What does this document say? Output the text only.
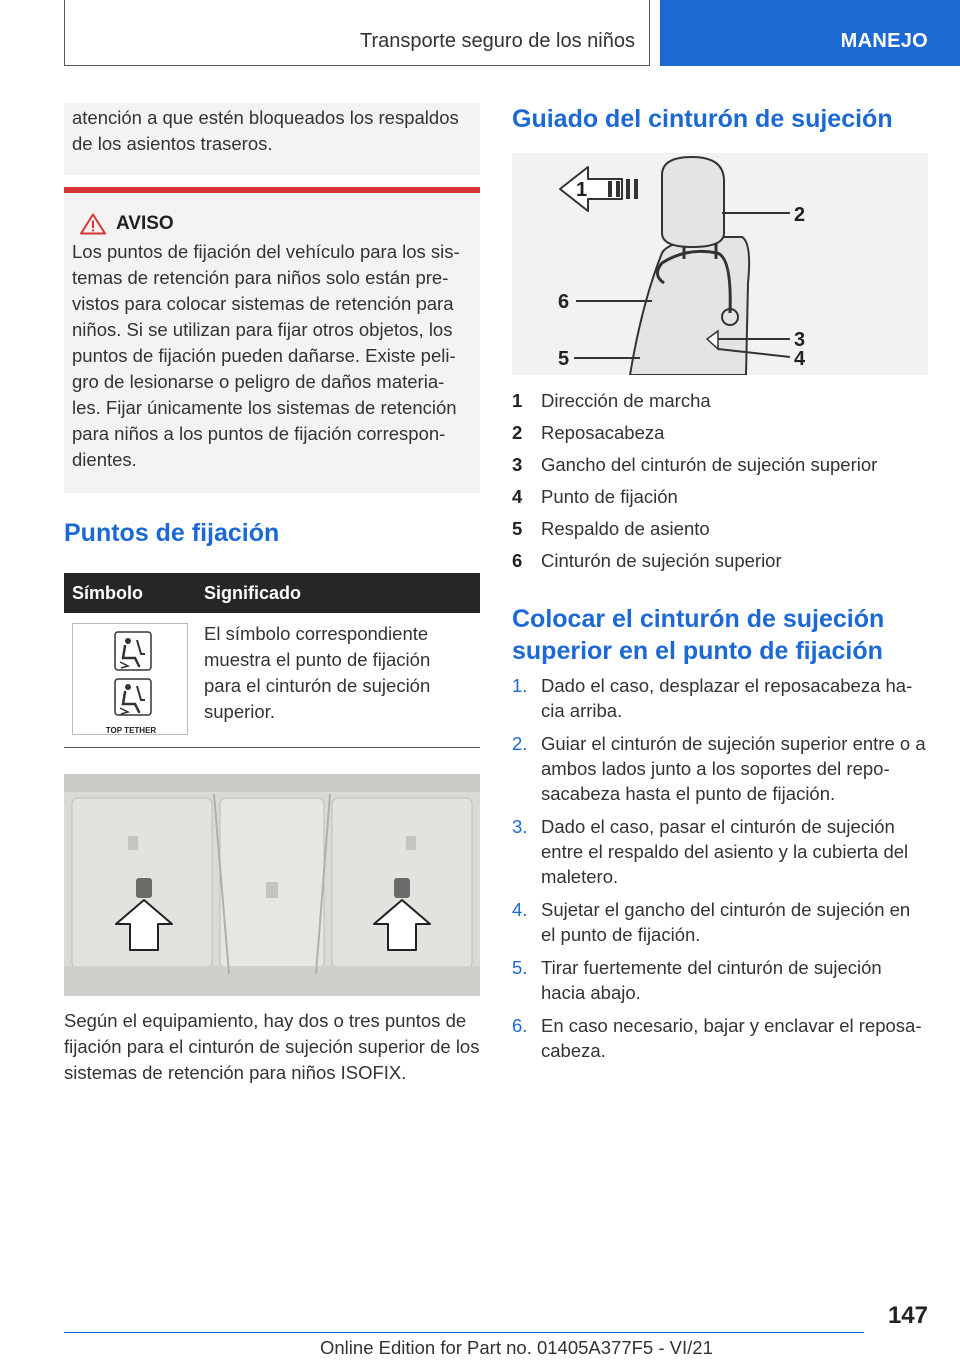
Transporte seguro de los niños	MANEJO

atención a que estén bloqueados los respaldos de los asientos traseros.

AVISO

Los puntos de fijación del vehículo para los sis-temas de retención para niños solo están pre-vistos para colocar sistemas de retención para niños. Si se utilizan para fijar otros objetos, los puntos de fijación pueden dañarse. Existe peli-gro de lesionarse o peligro de daños materia-les. Fijar únicamente los sistemas de retención para niños a los puntos de fijación correspon-dientes.

Puntos de fijación
Símbolo	Significado

TOP TETHER	El símbolo correspondiente muestra el punto de fijación para el cinturón de sujeción superior.

Según el equipamiento, hay dos o tres puntos de fijación para el cinturón de sujeción superior de los sistemas de retención para niños ISOFIX.

Guiado del cinturón de sujeción
1
2
3
4
5
6
1	Dirección de marcha
2	Reposacabeza
3	Gancho del cinturón de sujeción superior
4	Punto de fijación
5	Respaldo de asiento
6	Cinturón de sujeción superior
Colocar el cinturón de sujeción superior en el punto de fijación
1. Dado el caso, desplazar el reposacabeza ha-cia arriba.
2. Guiar el cinturón de sujeción superior entre o a ambos lados junto a los soportes del repo-sacabeza hasta el punto de fijación.
3. Dado el caso, pasar el cinturón de sujeción entre el respaldo del asiento y la cubierta del maletero.
4. Sujetar el gancho del cinturón de sujeción en el punto de fijación.
5. Tirar fuertemente del cinturón de sujeción hacia abajo.
6. En caso necesario, bajar y enclavar el reposa-cabeza.
147
Online Edition for Part no. 01405A377F5 - VI/21
